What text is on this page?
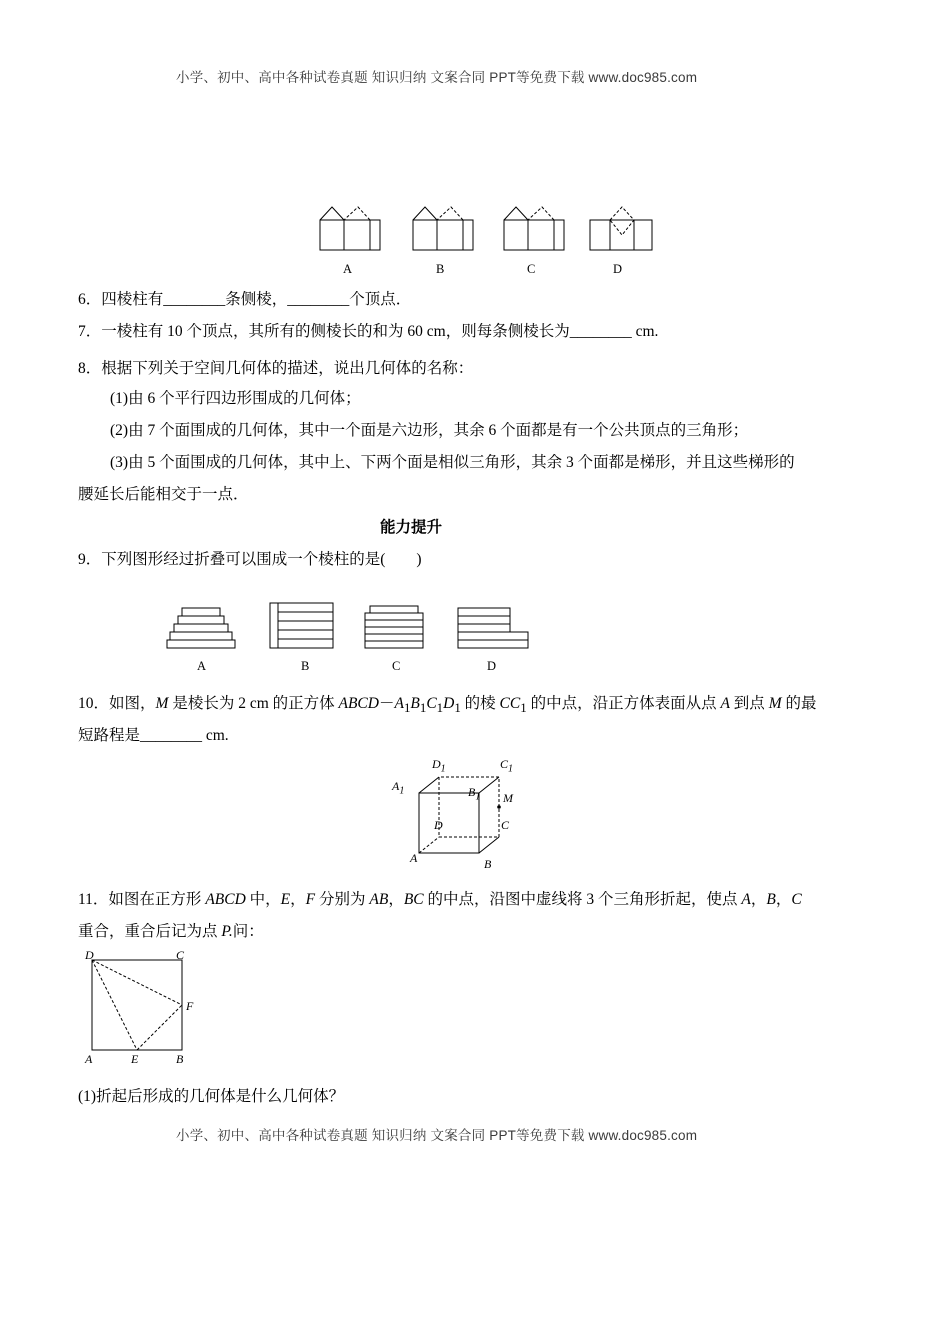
小学、初中、高中各种试卷真题 知识归纳 文案合同 PPT等免费下载 www.doc985.com
A	B	C	D
6．四棱柱有________条侧棱，________个顶点．
7．一棱柱有 10 个顶点，其所有的侧棱长的和为 60 cm，则每条侧棱长为________ cm.
8．根据下列关于空间几何体的描述，说出几何体的名称：
(1)由 6 个平行四边形围成的几何体；
(2)由 7 个面围成的几何体，其中一个面是六边形，其余 6 个面都是有一个公共顶点的三角形；
(3)由 5 个面围成的几何体，其中上、下两个面是相似三角形，其余 3 个面都是梯形，并且这些梯形的
腰延长后能相交于一点．
能力提升
9．下列图形经过折叠可以围成一个棱柱的是(　　)
A	B	C	D
10．如图，M 是棱长为 2 cm 的正方体 $ABCD-A_1B_1C_1D_1$ 的棱 $CC_1$ 的中点，沿正方体表面从点 A 到点 M 的最
短路程是________ cm.
$D_1$	$C_1$
$A_1$	$B_1$ M
D	C
A	B
11．如图在正方形 ABCD 中，E，F 分别为 AB，BC 的中点，沿图中虚线将 3 个三角形折起，使点 A，B，C
重合，重合后记为点 P.问：
D	C
F
A	E	B
(1)折起后形成的几何体是什么几何体？
小学、初中、高中各种试卷真题 知识归纳 文案合同 PPT等免费下载 www.doc985.com
